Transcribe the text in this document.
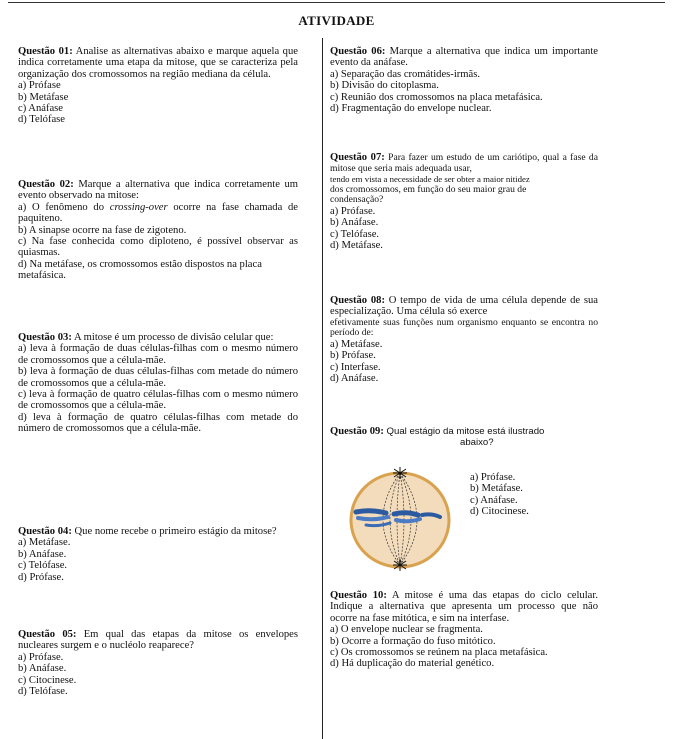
ATIVIDADE

Questão 01: Analise as alternativas abaixo e marque aquela que indica corretamente uma etapa da mitose, que se caracteriza pela organização dos cromossomos na região mediana da célula.

a) Prófase

b) Metáfase

c) Anáfase

d) Telófase

Questão 02: Marque a alternativa que indica corretamente um evento observado na mitose:

a) O fenômeno do crossing-over ocorre na fase chamada de paquiteno.

b) A sinapse ocorre na fase de zigoteno.

c) Na fase conhecida como diploteno, é possível observar as quiasmas.

d) Na metáfase, os cromossomos estão dispostos na placa metafásica.

Questão 03: A mitose é um processo de divisão celular que:

a) leva à formação de duas células-filhas com o mesmo número de cromossomos que a célula-mãe.

b) leva à formação de duas células-filhas com metade do número de cromossomos que a célula-mãe.

c) leva à formação de quatro células-filhas com o mesmo número de cromossomos que a célula-mãe.

d) leva à formação de quatro células-filhas com metade do número de cromossomos que a célula-mãe.

Questão 04: Que nome recebe o primeiro estágio da mitose?

a) Metáfase.

b) Anáfase.

c) Telófase.

d) Prófase.

Questão 05: Em qual das etapas da mitose os envelopes nucleares surgem e o nucléolo reaparece?

a) Prófase.

b) Anáfase.

c) Citocinese.

d) Telófase.

Questão 06: Marque a alternativa que indica um importante evento da anáfase.

a) Separação das cromátides-irmãs.

b) Divisão do citoplasma.

c) Reunião dos cromossomos na placa metafásica.

d) Fragmentação do envelope nuclear.

Questão 07: Para fazer um estudo de um cariótipo, qual a fase da mitose que seria mais adequada usar,

tendo em vista a necessidade de ser obter a maior nitidez

dos cromossomos, em função do seu maior grau de

condensação?

a) Prófase.

b) Anáfase.

c) Telófase.

d) Metáfase.

Questão 08: O tempo de vida de uma célula depende de sua especialização. Uma célula só exerce

efetivamente suas funções num organismo enquanto se encontra no período de:

a) Metáfase.

b) Prófase.

c) Interfase.

d) Anáfase.

Questão 09: Qual estágio da mitose está ilustrado

abaixo?

a) Prófase.

b) Metáfase.

c) Anáfase.

d) Citocinese.

Questão 10: A mitose é uma das etapas do ciclo celular. Indique a alternativa que apresenta um processo que não ocorre na fase mitótica, e sim na interfase.

a) O envelope nuclear se fragmenta.

b) Ocorre a formação do fuso mitótico.

c) Os cromossomos se reúnem na placa metafásica.

d) Há duplicação do material genético.
